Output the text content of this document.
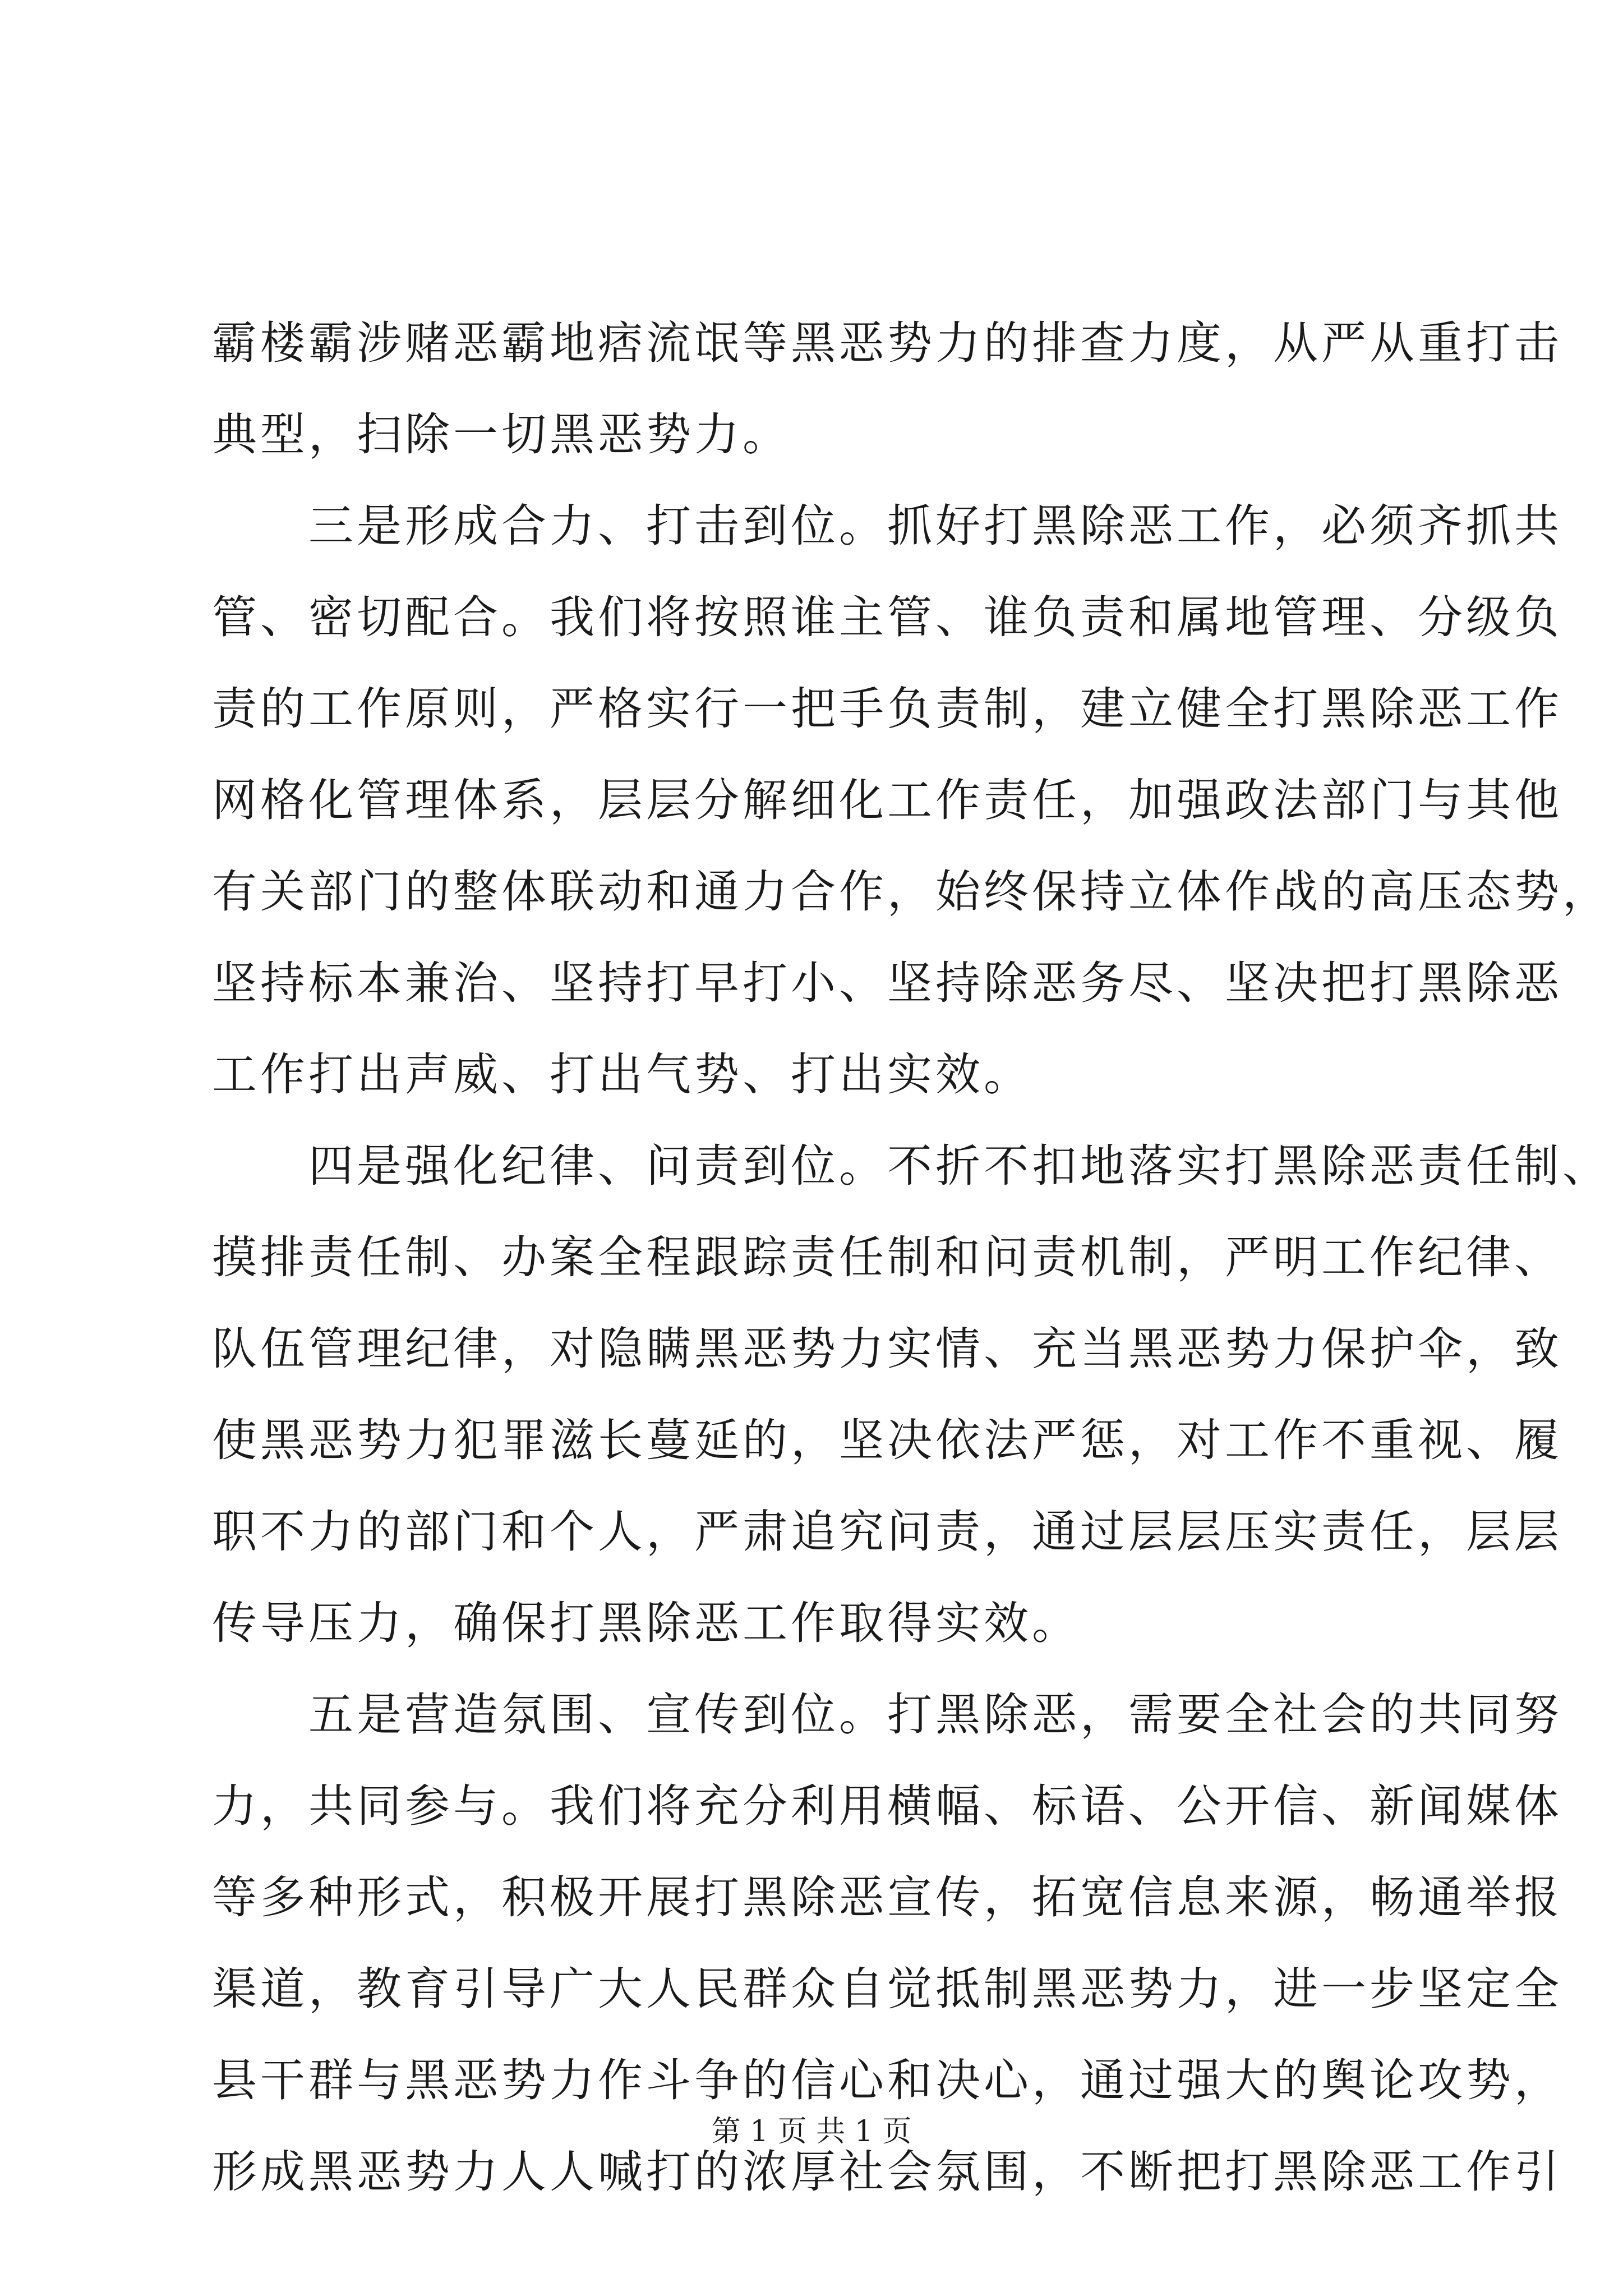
霸楼霸涉赌恶霸地痞流氓等黑恶势力的排查力度，从严从重打击
典型，扫除一切黑恶势力。
　　三是形成合力、打击到位。抓好打黑除恶工作，必须齐抓共
管、密切配合。我们将按照谁主管、谁负责和属地管理、分级负
责的工作原则，严格实行一把手负责制，建立健全打黑除恶工作
网格化管理体系，层层分解细化工作责任，加强政法部门与其他
有关部门的整体联动和通力合作，始终保持立体作战的高压态势，
坚持标本兼治、坚持打早打小、坚持除恶务尽、坚决把打黑除恶
工作打出声威、打出气势、打出实效。
　　四是强化纪律、问责到位。不折不扣地落实打黑除恶责任制、
摸排责任制、办案全程跟踪责任制和问责机制，严明工作纪律、
队伍管理纪律，对隐瞒黑恶势力实情、充当黑恶势力保护伞，致
使黑恶势力犯罪滋长蔓延的，坚决依法严惩，对工作不重视、履
职不力的部门和个人，严肃追究问责，通过层层压实责任，层层
传导压力，确保打黑除恶工作取得实效。
　　五是营造氛围、宣传到位。打黑除恶，需要全社会的共同努
力，共同参与。我们将充分利用横幅、标语、公开信、新闻媒体
等多种形式，积极开展打黑除恶宣传，拓宽信息来源，畅通举报
渠道，教育引导广大人民群众自觉抵制黑恶势力，进一步坚定全
县干群与黑恶势力作斗争的信心和决心，通过强大的舆论攻势，
形成黑恶势力人人喊打的浓厚社会氛围，不断把打黑除恶工作引
第 1 页 共 1 页
